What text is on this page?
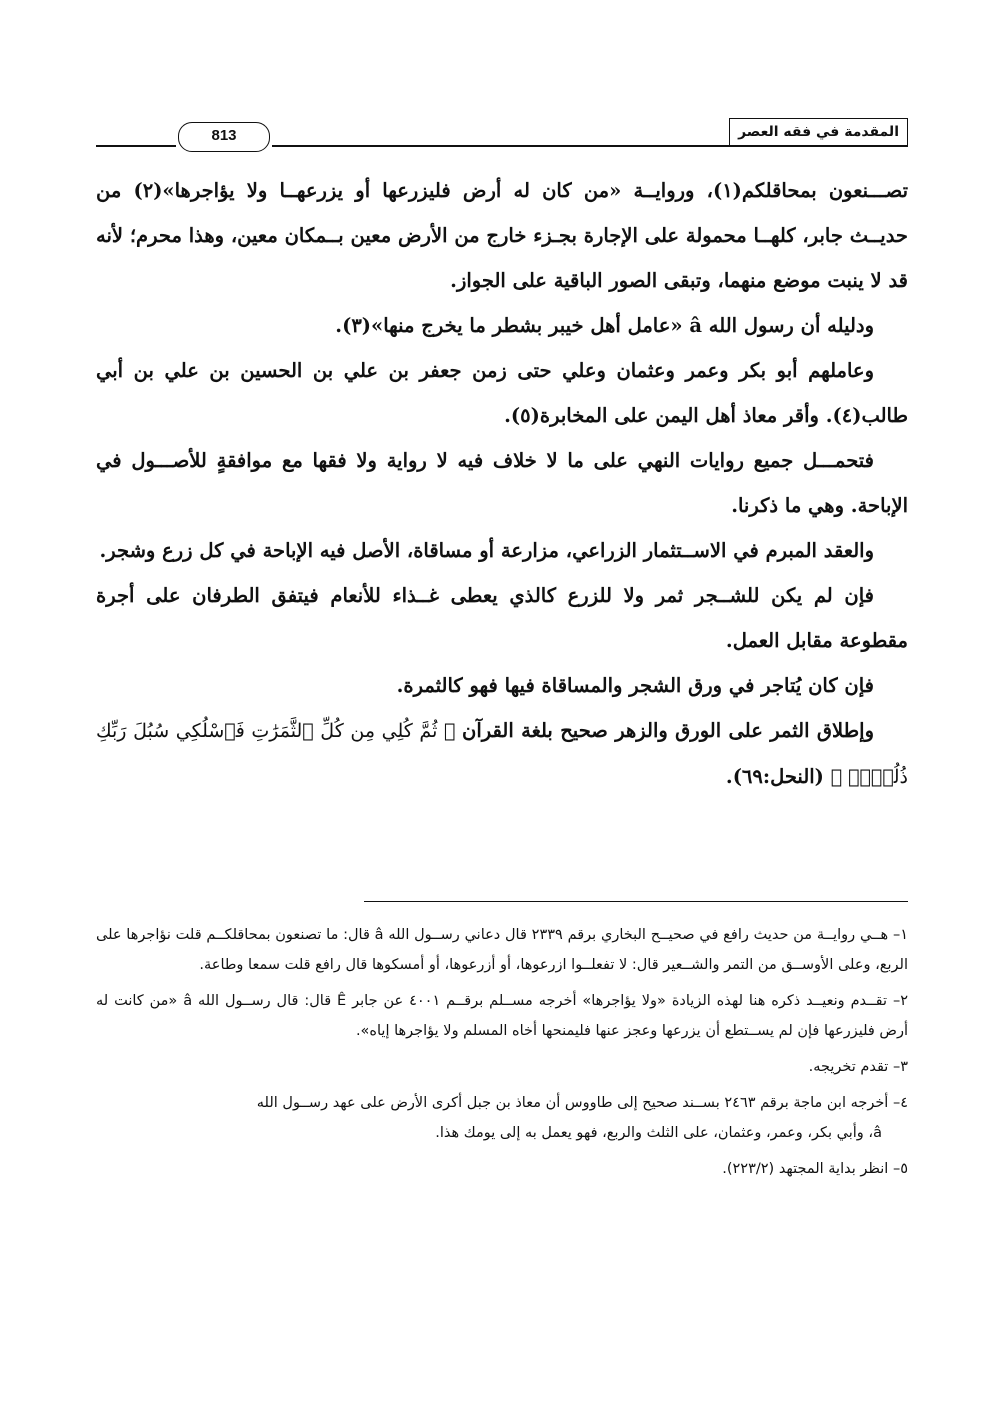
813	المقدمة في فقه العصر

تصـــنعون بمحاقلكم(١)، وروايــة «من كان له أرض فليزرعها أو يزرعهــا ولا يؤاجرها»(٢) من حديــث جابر، كلهــا محمولة على الإجارة بجـزء خارج من الأرض معين بــمكان معين، وهذا محرم؛ لأنه قد لا ينبت موضع منهما، وتبقى الصور الباقية على الجواز.

ودليله أن رسول الله â «عامل أهل خيبر بشطر ما يخرج منها»(٣).

وعاملهم أبو بكر وعمر وعثمان وعلي حتى زمن جعفر بن علي بن الحسين بن علي بن أبي طالب(٤). وأقر معاذ أهل اليمن على المخابرة(٥).

فتحمـــل جميع روايات النهي على ما لا خلاف فيه لا رواية ولا فقها مع موافقةٍ للأصـــول في الإباحة. وهي ما ذكرنا.

والعقد المبرم في الاســتثمار الزراعي، مزارعة أو مساقاة، الأصل فيه الإباحة في كل زرع وشجر.

فإن لم يكن للشــجر ثمر ولا للزرع كالذي يعطى غــذاء للأنعام فيتفق الطرفان على أجرة مقطوعة مقابل العمل.

فإن كان يُتاجر في ورق الشجر والمساقاة فيها فهو كالثمرة.

وإطلاق الثمر على الورق والزهر صحيح بلغة القرآن ﴿ ثُمَّ كُلِي مِن كُلِّ ٱلثَّمَرَٰتِ فَٱسْلُكِي سُبُلَ رَبِّكِ ذُلُلًاۚ ﴾ (النحل:٦٩).

١– هــي روايــة من حديث رافع في صحيــح البخاري برقم ٢٣٣٩ قال دعاني رســول الله â قال: ما تصنعون بمحاقلكــم قلت نؤاجرها على الربع، وعلى الأوســق من التمر والشــعير قال: لا تفعلــوا ازرعوها، أو أزرعوها، أو أمسكوها قال رافع قلت سمعا وطاعة.

٢– تقــدم ونعيــد ذكره هنا لهذه الزيادة «ولا يؤاجرها» أخرجه مســلم برقــم ٤٠٠١ عن جابر Ê قال: قال رســول الله â «من كانت له أرض فليزرعها فإن لم يســتطع أن يزرعها وعجز عنها فليمنحها أخاه المسلم ولا يؤاجرها إياه».

٣– تقدم تخريجه.

٤– أخرجه ابن ماجة برقم ٢٤٦٣ بســند صحيح إلى طاووس أن معاذ بن جبل أكرى الأرض على عهد رســول الله

â، وأبي بكر، وعمر، وعثمان، على الثلث والربع، فهو يعمل به إلى يومك هذا.

٥– انظر بداية المجتهد (٢٢٣/٢).
